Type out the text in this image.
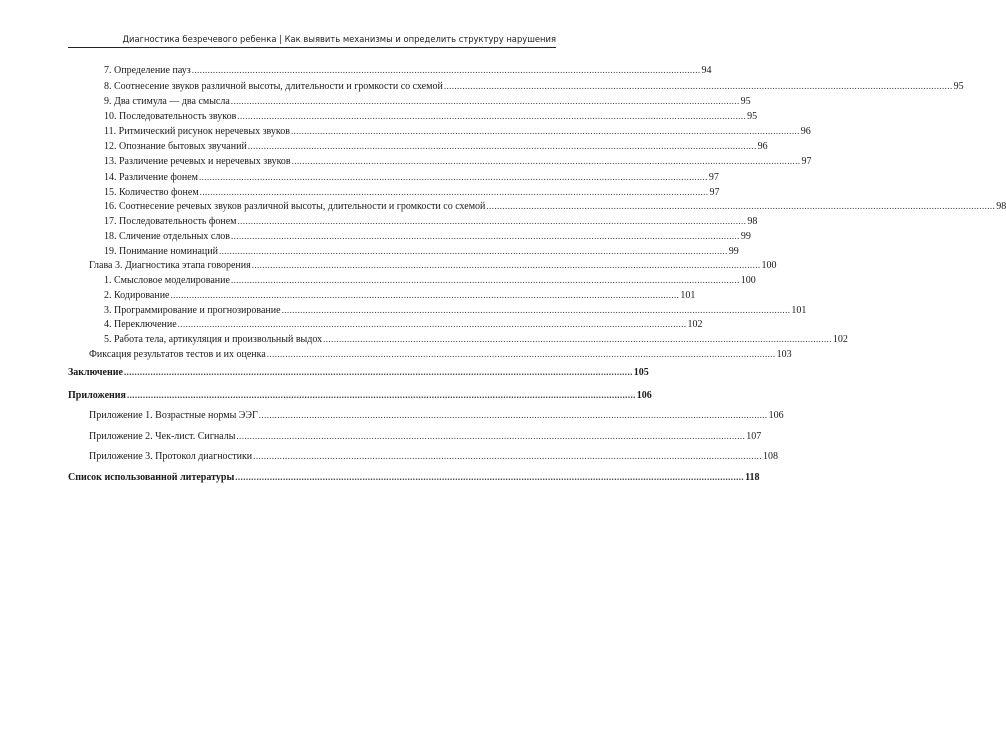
Диагностика безречевого ребенка | Как выявить механизмы и определить структуру нарушения
7. Определение пауз ................................................................................................................................................................................................ 94
8. Соотнесение звуков различной высоты, длительности и громкости со схемой ................................................................................................................................................................................................ 95
9. Два стимула — два смысла ................................................................................................................................................................................................ 95
10. Последовательность звуков ................................................................................................................................................................................................ 95
11. Ритмический рисунок неречевых звуков ................................................................................................................................................................................................ 96
12. Опознание бытовых звучаний ................................................................................................................................................................................................ 96
13. Различение речевых и неречевых звуков ................................................................................................................................................................................................ 97
14. Различение фонем ................................................................................................................................................................................................ 97
15. Количество фонем ................................................................................................................................................................................................ 97
16. Соотнесение речевых звуков различной высоты, длительности и громкости со схемой ................................................................................................................................................................................................ 98
17. Последовательность фонем ................................................................................................................................................................................................ 98
18. Сличение отдельных слов ................................................................................................................................................................................................ 99
19. Понимание номинаций ................................................................................................................................................................................................ 99
Глава 3. Диагностика этапа говорения ................................................................................................................................................................................................ 100
1. Смысловое моделирование ................................................................................................................................................................................................ 100
2. Кодирование ................................................................................................................................................................................................ 101
3. Программирование и прогнозирование ................................................................................................................................................................................................ 101
4. Переключение ................................................................................................................................................................................................ 102
5. Работа тела, артикуляция и произвольный выдох ................................................................................................................................................................................................ 102
Фиксация результатов тестов и их оценка ................................................................................................................................................................................................ 103
Заключение ................................................................................................................................................................................................ 105
Приложения ................................................................................................................................................................................................ 106
Приложение 1. Возрастные нормы ЭЭГ ................................................................................................................................................................................................ 106
Приложение 2. Чек-лист. Сигналы ................................................................................................................................................................................................ 107
Приложение 3. Протокол диагностики ................................................................................................................................................................................................ 108
Список использованной литературы ................................................................................................................................................................................................ 118
